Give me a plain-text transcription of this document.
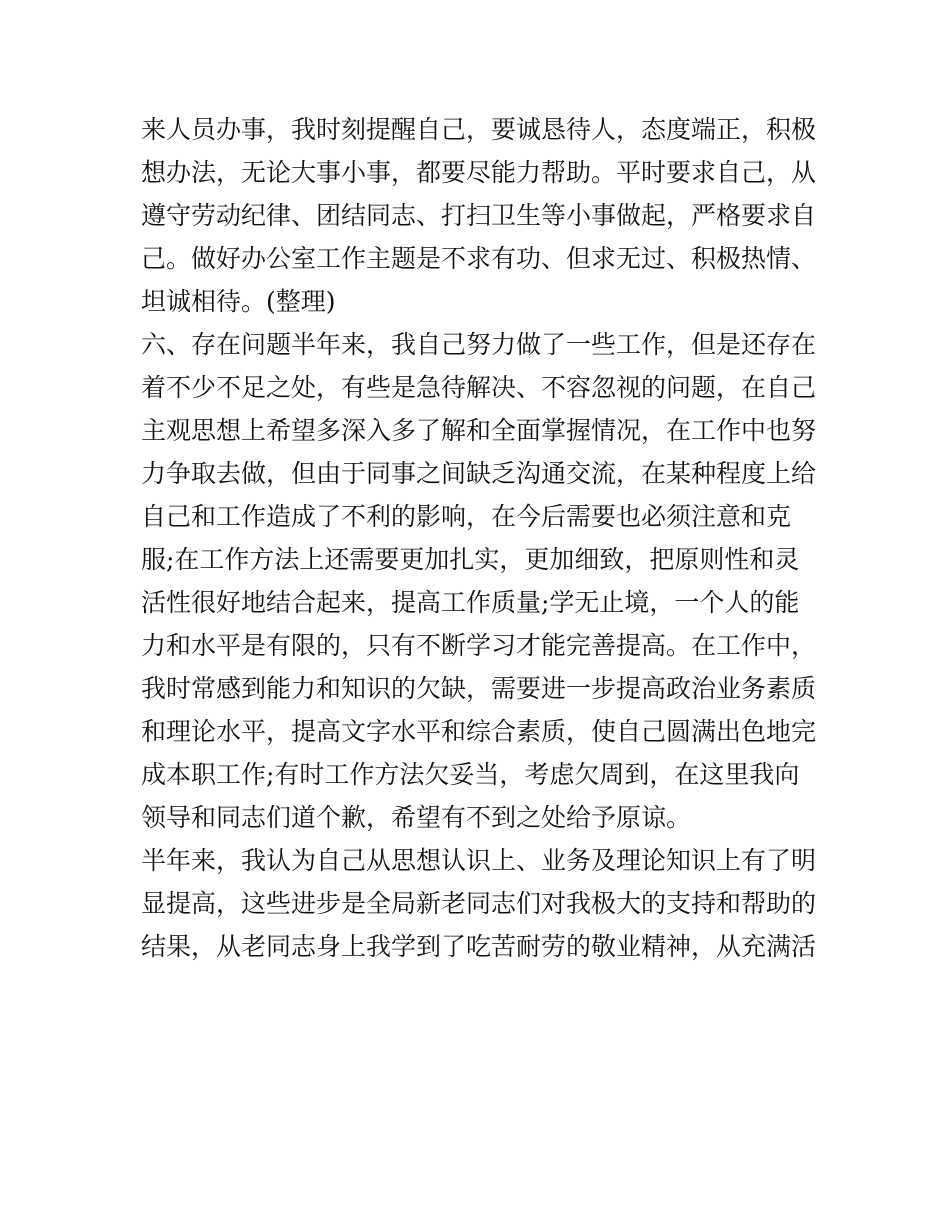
来人员办事，我时刻提醒自己，要诚恳待人，态度端正，积极
想办法，无论大事小事，都要尽能力帮助。平时要求自己，从
遵守劳动纪律、团结同志、打扫卫生等小事做起，严格要求自
己。做好办公室工作主题是不求有功、但求无过、积极热情、
坦诚相待。(整理)
六、存在问题半年来，我自己努力做了一些工作，但是还存在
着不少不足之处，有些是急待解决、不容忽视的问题，在自己
主观思想上希望多深入多了解和全面掌握情况，在工作中也努
力争取去做，但由于同事之间缺乏沟通交流，在某种程度上给
自己和工作造成了不利的影响，在今后需要也必须注意和克
服;在工作方法上还需要更加扎实，更加细致，把原则性和灵
活性很好地结合起来，提高工作质量;学无止境，一个人的能
力和水平是有限的，只有不断学习才能完善提高。在工作中，
我时常感到能力和知识的欠缺，需要进一步提高政治业务素质
和理论水平，提高文字水平和综合素质，使自己圆满出色地完
成本职工作;有时工作方法欠妥当，考虑欠周到，在这里我向
领导和同志们道个歉，希望有不到之处给予原谅。
半年来，我认为自己从思想认识上、业务及理论知识上有了明
显提高，这些进步是全局新老同志们对我极大的支持和帮助的
结果，从老同志身上我学到了吃苦耐劳的敬业精神，从充满活
